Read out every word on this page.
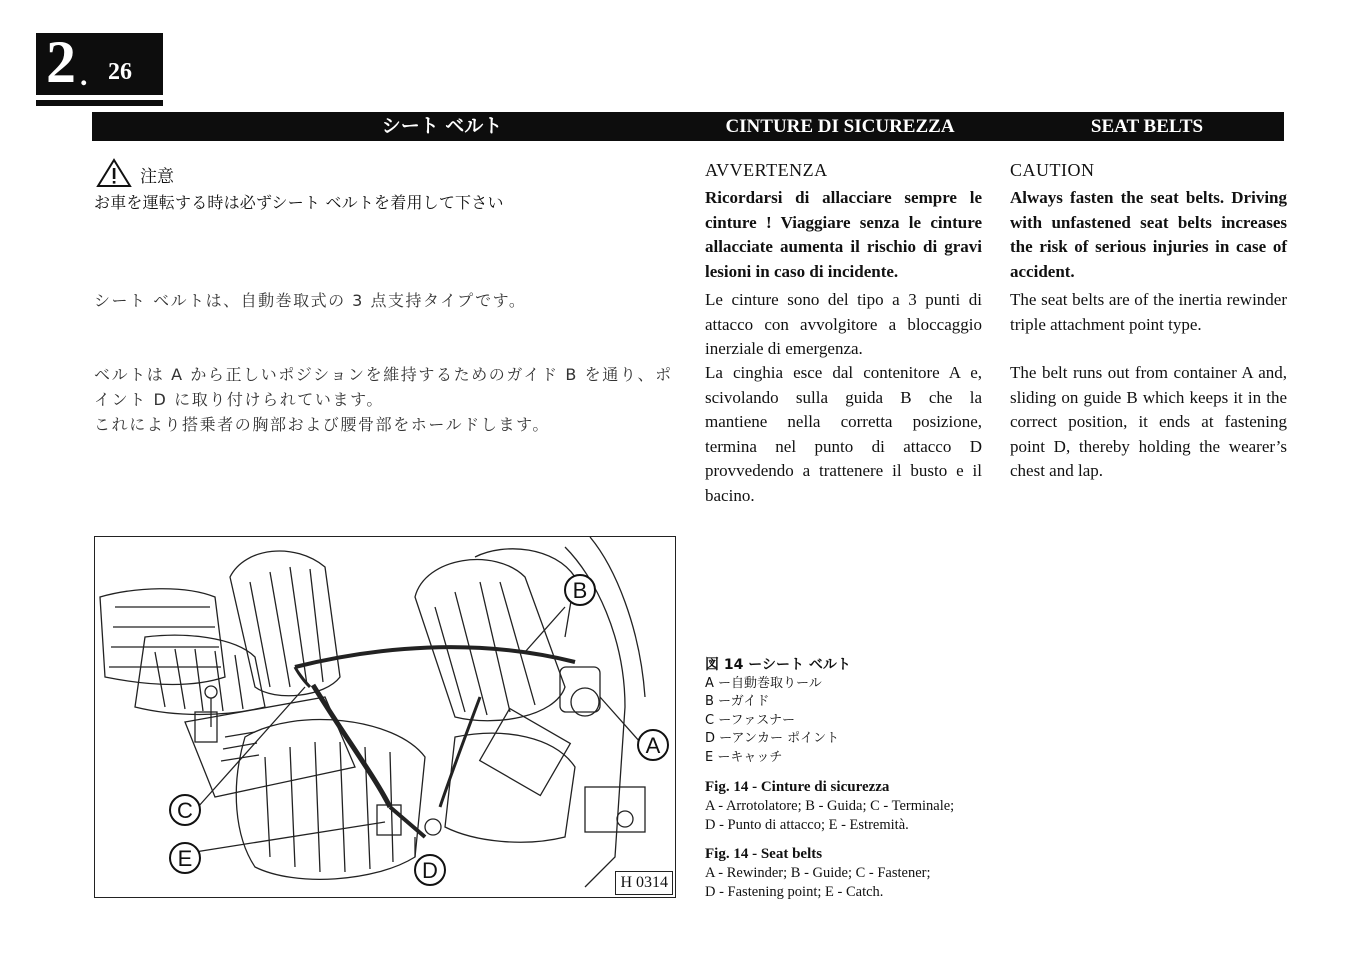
2 . 26
シート ベルト	CINTURE DI SICUREZZA	SEAT BELTS
注意
お車を運転する時は必ずシート ベルトを着用して下さい
シート ベルトは、自動巻取式の 3 点支持タイプです。
ベルトは A から正しいポジションを維持するためのガイド B を通り、ポ
イント D に取り付けられています。
これにより搭乗者の胸部および腰骨部をホールドします。
AVVERTENZA
Ricordarsi di allacciare sempre le cinture ! Viaggiare senza le cinture allacciate aumenta il rischio di gravi lesioni in caso di incidente.
Le cinture sono del tipo a 3 punti di attacco con avvolgitore a bloccaggio inerziale di emergenza.
La cinghia esce dal contenitore A e, scivolando sulla guida B che la mantiene nella corretta posizione, termina nel punto di attacco D provvedendo a trattenere il busto e il bacino.
CAUTION
Always fasten the seat belts. Driving with unfastened seat belts increases the risk of serious injuries in case of accident.
The seat belts are of the inertia rewinder triple attachment point type.
The belt runs out from container A and, sliding on guide B which keeps it in the correct position, it ends at fastening point D, thereby holding the wearer’s chest and lap.
B
A
C
E	D	H 0314
図 14 ーシート ベルト
A ー自動巻取りール
B ーガイド
C ーファスナー
D ーアンカー ポイント
E ーキャッチ
Fig. 14 - Cinture di sicurezza
A - Arrotolatore; B - Guida; C - Terminale;
D - Punto di attacco; E - Estremità.
Fig. 14 - Seat belts
A - Rewinder; B - Guide; C - Fastener;
D - Fastening point; E - Catch.
